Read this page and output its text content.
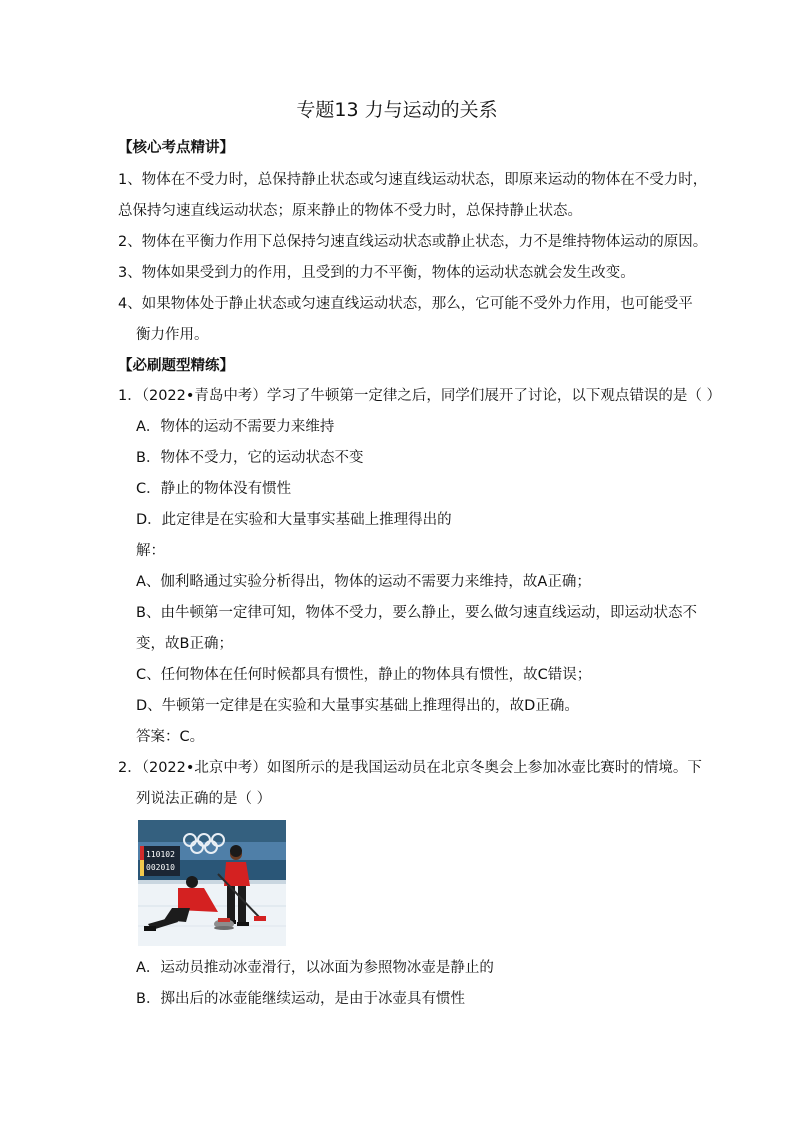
专题13 力与运动的关系
【核心考点精讲】
1、物体在不受力时，总保持静止状态或匀速直线运动状态，即原来运动的物体在不受力时，
总保持匀速直线运动状态；原来静止的物体不受力时，总保持静止状态。
2、物体在平衡力作用下总保持匀速直线运动状态或静止状态，力不是维持物体运动的原因。
3、物体如果受到力的作用，且受到的力不平衡，物体的运动状态就会发生改变。
4、如果物体处于静止状态或匀速直线运动状态，那么，它可能不受外力作用，也可能受平
衡力作用。
【必刷题型精练】
1．（2022•青岛中考）学习了牛顿第一定律之后，同学们展开了讨论，以下观点错误的是（ ）
A．物体的运动不需要力来维持
B．物体不受力，它的运动状态不变
C．静止的物体没有惯性
D．此定律是在实验和大量事实基础上推理得出的
解：
A、伽利略通过实验分析得出，物体的运动不需要力来维持，故A正确；
B、由牛顿第一定律可知，物体不受力，要么静止，要么做匀速直线运动，即运动状态不
变，故B正确；
C、任何物体在任何时候都具有惯性，静止的物体具有惯性，故C错误；
D、牛顿第一定律是在实验和大量事实基础上推理得出的，故D正确。
答案：C。
2．（2022•北京中考）如图所示的是我国运动员在北京冬奥会上参加冰壶比赛时的情境。下
列说法正确的是（ ）
110102
002010
A．运动员推动冰壶滑行，以冰面为参照物冰壶是静止的
B．掷出后的冰壶能继续运动，是由于冰壶具有惯性
